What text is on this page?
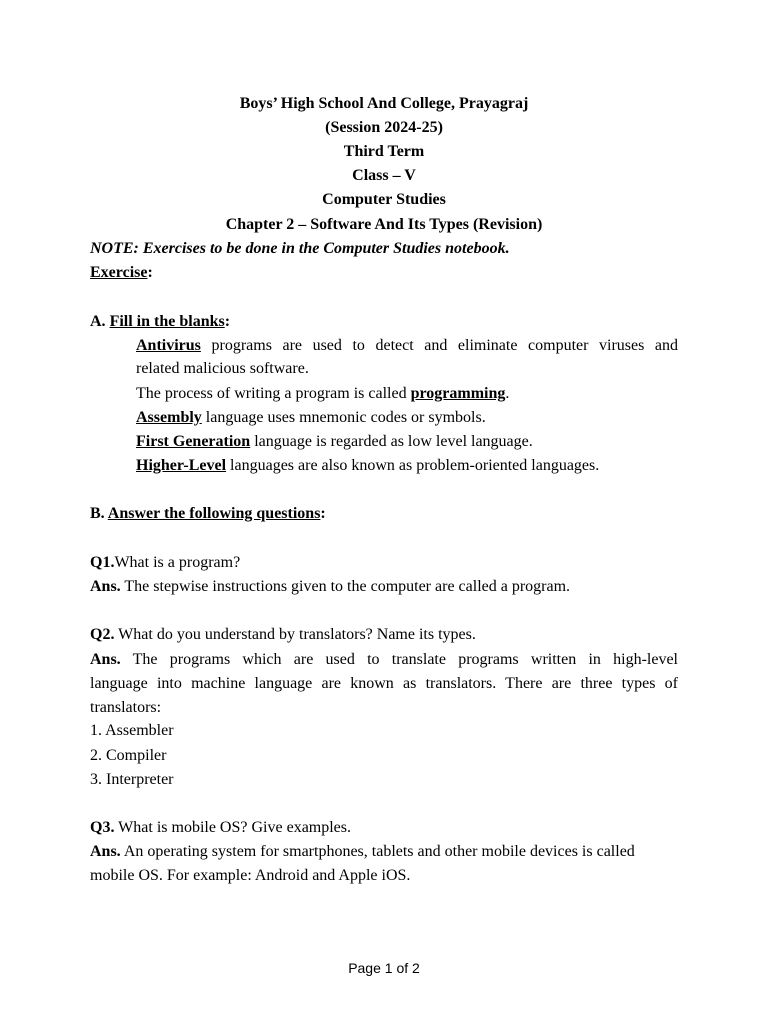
Boys’ High School And College, Prayagraj
(Session 2024-25)
Third Term
Class – V
Computer Studies
Chapter 2 – Software And Its Types (Revision)
NOTE: Exercises to be done in the Computer Studies notebook.
Exercise:
A. Fill in the blanks:
Antivirus programs are used to detect and eliminate computer viruses and
related malicious software.
The process of writing a program is called programming.
Assembly language uses mnemonic codes or symbols.
First Generation language is regarded as low level language.
Higher-Level languages are also known as problem-oriented languages.
B. Answer the following questions:
Q1.What is a program?
Ans. The stepwise instructions given to the computer are called a program.
Q2. What do you understand by translators? Name its types.
Ans. The programs which are used to translate programs written in high-level
language into machine language are known as translators. There are three types of
translators:
1. Assembler
2. Compiler
3. Interpreter
Q3. What is mobile OS? Give examples.
Ans. An operating system for smartphones, tablets and other mobile devices is called
mobile OS. For example: Android and Apple iOS.
Page 1 of 2
